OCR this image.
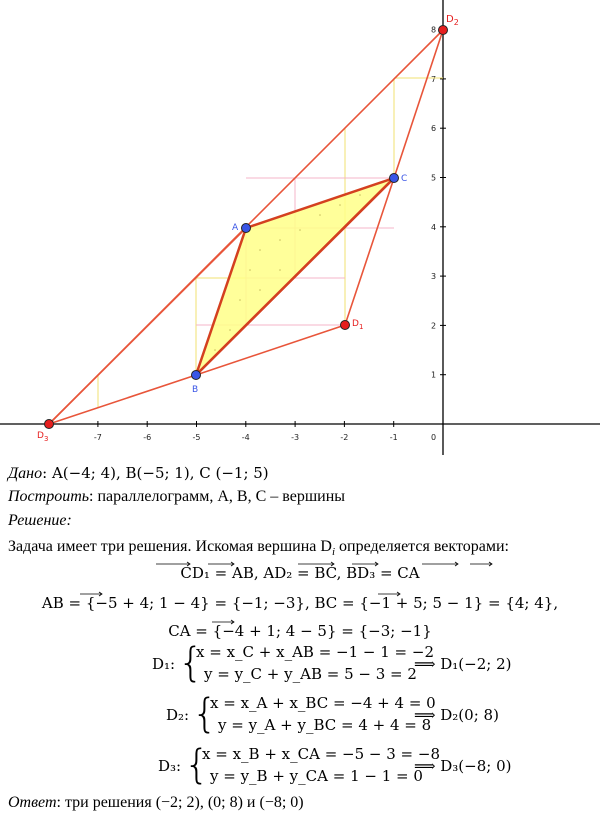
-7	-6	-5	-4	-3	-2	-1	0
1
2
3
4
5
6
7
8
A
B
C
$D_1$
$D_2$
$D_3$
Дано: A(−4; 4), B(−5; 1), C (−1; 5)
Построить: параллелограмм, A, B, C – вершины
Решение:
Задача имеет три решения. Искомая вершина $D_i$ определяется векторами:
CD₁ = AB, AD₂ = BC, BD₃ = CA
AB = {−5 + 4; 1 − 4} = {−1; −3}, BC = {−1 + 5; 5 − 1} = {4; 4},
CA = {−4 + 1; 4 − 5} = {−3; −1}
D₁: {
x = x_C + x_AB = −1 − 1 = −2
y = y_C + y_AB = 5 − 3 = 2
⟹ D₁(−2; 2)
D₂: {
x = x_A + x_BC = −4 + 4 = 0
y = y_A + y_BC = 4 + 4 = 8
⟹ D₂(0; 8)
D₃: {
x = x_B + x_CA = −5 − 3 = −8
y = y_B + y_CA = 1 − 1 = 0
⟹ D₃(−8; 0)
Ответ: три решения (−2; 2), (0; 8) и (−8; 0)
